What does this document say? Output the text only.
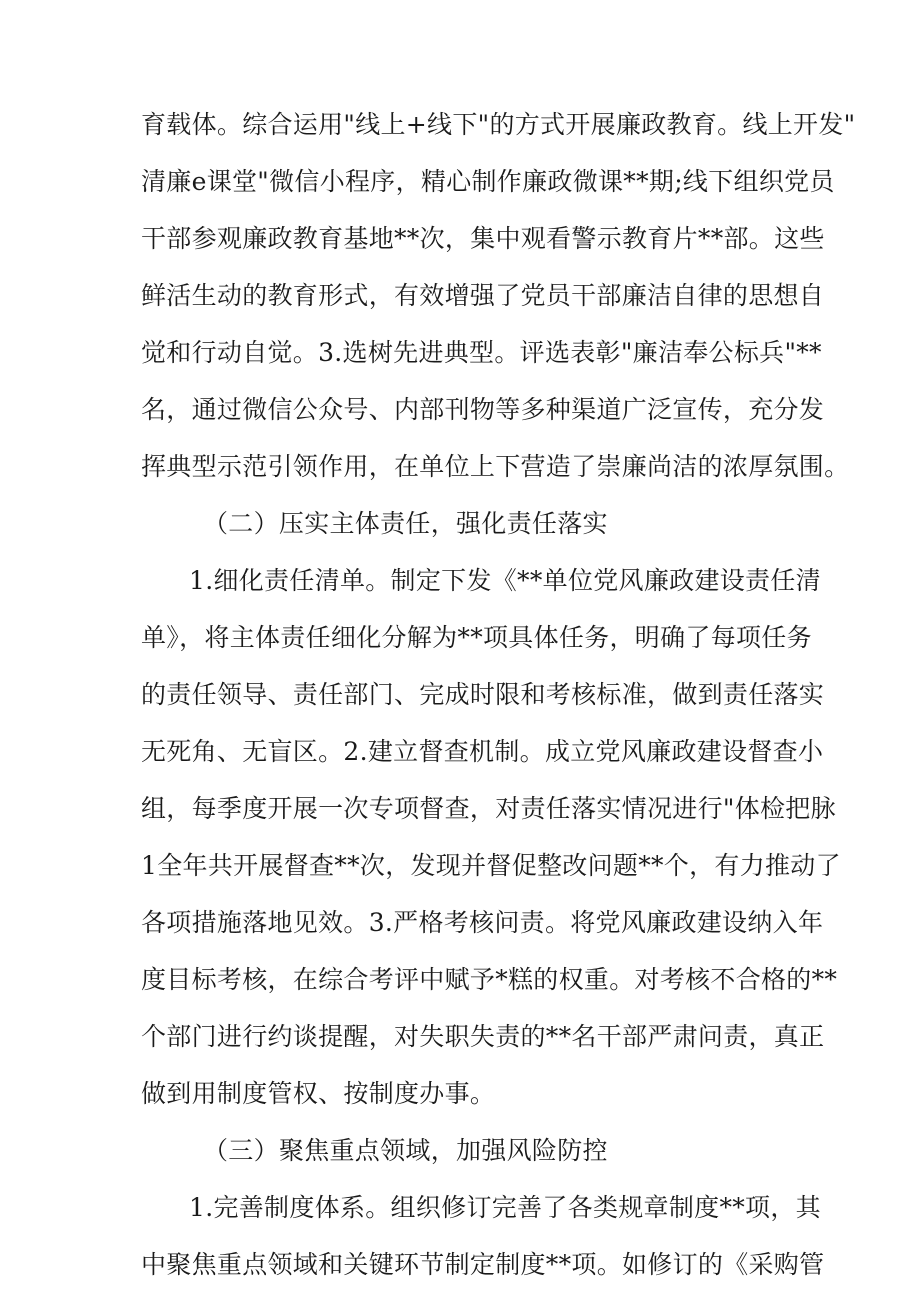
育载体。综合运用"线上+线下"的方式开展廉政教育。线上开发"
清廉e课堂"微信小程序，精心制作廉政微课**期;线下组织党员
干部参观廉政教育基地**次，集中观看警示教育片**部。这些
鲜活生动的教育形式，有效增强了党员干部廉洁自律的思想自
觉和行动自觉。3.选树先进典型。评选表彰"廉洁奉公标兵"**
名，通过微信公众号、内部刊物等多种渠道广泛宣传，充分发
挥典型示范引领作用，在单位上下营造了崇廉尚洁的浓厚氛围。
（二）压实主体责任，强化责任落实
1.细化责任清单。制定下发《**单位党风廉政建设责任清
单》，将主体责任细化分解为**项具体任务，明确了每项任务
的责任领导、责任部门、完成时限和考核标准，做到责任落实
无死角、无盲区。2.建立督查机制。成立党风廉政建设督查小
组，每季度开展一次专项督查，对责任落实情况进行"体检把脉
1全年共开展督查**次，发现并督促整改问题**个，有力推动了
各项措施落地见效。3.严格考核问责。将党风廉政建设纳入年
度目标考核，在综合考评中赋予*糕的权重。对考核不合格的**
个部门进行约谈提醒，对失职失责的**名干部严肃问责，真正
做到用制度管权、按制度办事。
（三）聚焦重点领域，加强风险防控
1.完善制度体系。组织修订完善了各类规章制度**项，其
中聚焦重点领域和关键环节制定制度**项。如修订的《采购管
